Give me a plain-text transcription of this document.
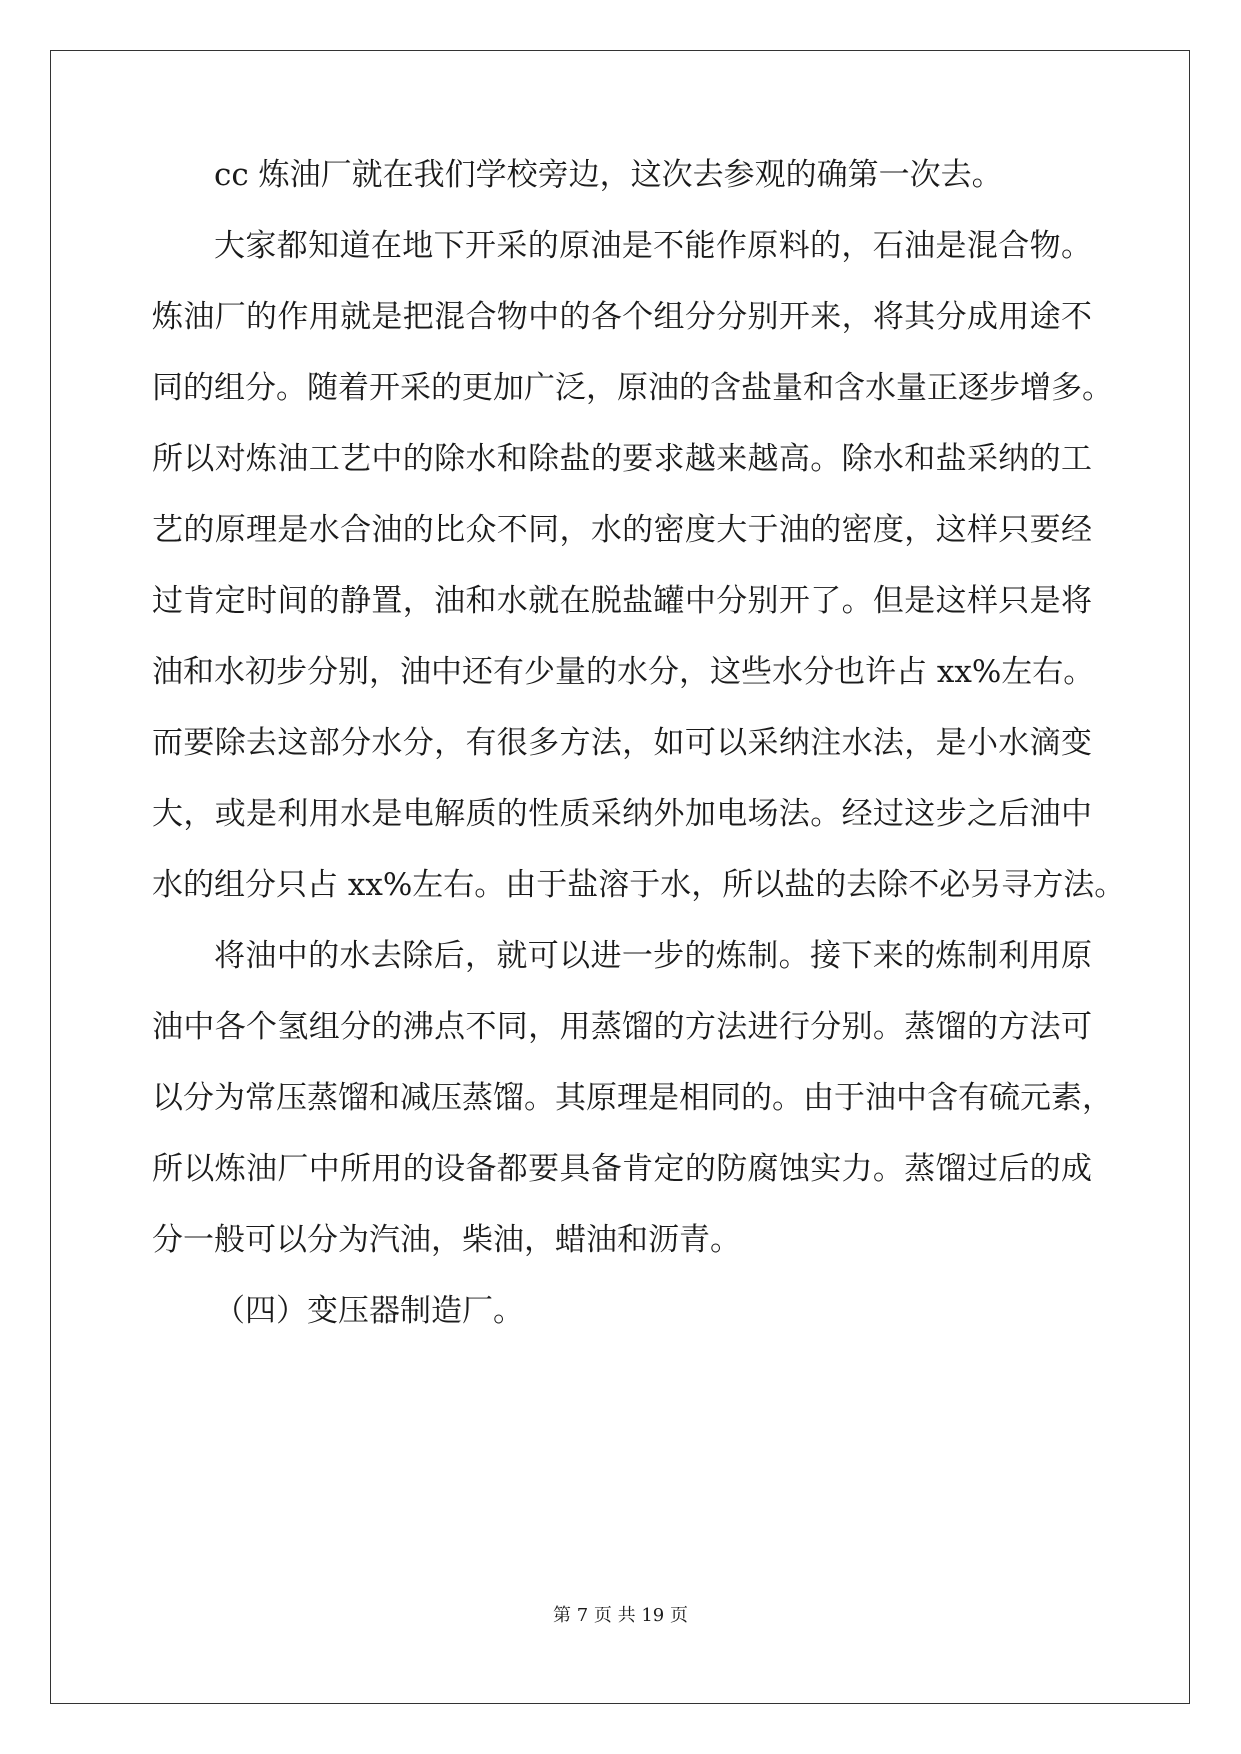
cc 炼油厂就在我们学校旁边，这次去参观的确第一次去。
大家都知道在地下开采的原油是不能作原料的，石油是混合物。
炼油厂的作用就是把混合物中的各个组分分别开来，将其分成用途不
同的组分。随着开采的更加广泛，原油的含盐量和含水量正逐步增多。
所以对炼油工艺中的除水和除盐的要求越来越高。除水和盐采纳的工
艺的原理是水合油的比众不同，水的密度大于油的密度，这样只要经
过肯定时间的静置，油和水就在脱盐罐中分别开了。但是这样只是将
油和水初步分别，油中还有少量的水分，这些水分也许占 xx%左右。
而要除去这部分水分，有很多方法，如可以采纳注水法，是小水滴变
大，或是利用水是电解质的性质采纳外加电场法。经过这步之后油中
水的组分只占 xx%左右。由于盐溶于水，所以盐的去除不必另寻方法。
将油中的水去除后，就可以进一步的炼制。接下来的炼制利用原
油中各个氢组分的沸点不同，用蒸馏的方法进行分别。蒸馏的方法可
以分为常压蒸馏和减压蒸馏。其原理是相同的。由于油中含有硫元素，
所以炼油厂中所用的设备都要具备肯定的防腐蚀实力。蒸馏过后的成
分一般可以分为汽油，柴油，蜡油和沥青。
（四）变压器制造厂。
第 7 页 共 19 页
